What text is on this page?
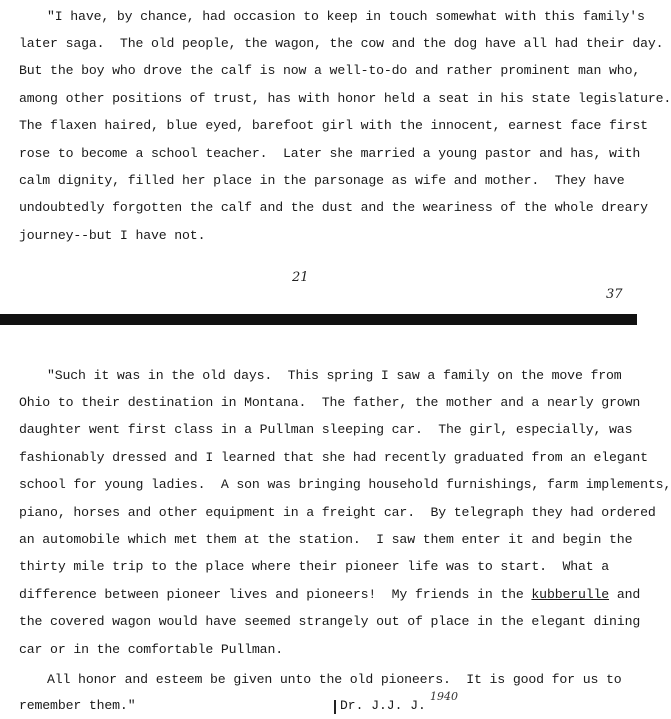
"I have, by chance, had occasion to keep in touch somewhat with this family's
later saga.  The old people, the wagon, the cow and the dog have all had their day.
But the boy who drove the calf is now a well-to-do and rather prominent man who,
among other positions of trust, has with honor held a seat in his state legislature.
The flaxen haired, blue eyed, barefoot girl with the innocent, earnest face first
rose to become a school teacher.  Later she married a young pastor and has, with
calm dignity, filled her place in the parsonage as wife and mother.  They have
undoubtedly forgotten the calf and the dust and the weariness of the whole dreary
journey--but I have not.
21
37
"Such it was in the old days.  This spring I saw a family on the move from
Ohio to their destination in Montana.  The father, the mother and a nearly grown
daughter went first class in a Pullman sleeping car.  The girl, especially, was
fashionably dressed and I learned that she had recently graduated from an elegant
school for young ladies.  A son was bringing household furnishings, farm implements,
piano, horses and other equipment in a freight car.  By telegraph they had ordered
an automobile which met them at the station.  I saw them enter it and begin the
thirty mile trip to the place where their pioneer life was to start.  What a
difference between pioneer lives and pioneers!  My friends in the kubberulle and
the covered wagon would have seemed strangely out of place in the elegant dining
car or in the comfortable Pullman.
All honor and esteem be given unto the old pioneers.  It is good for us to
remember them."	Dr. J.J. J.
1940
